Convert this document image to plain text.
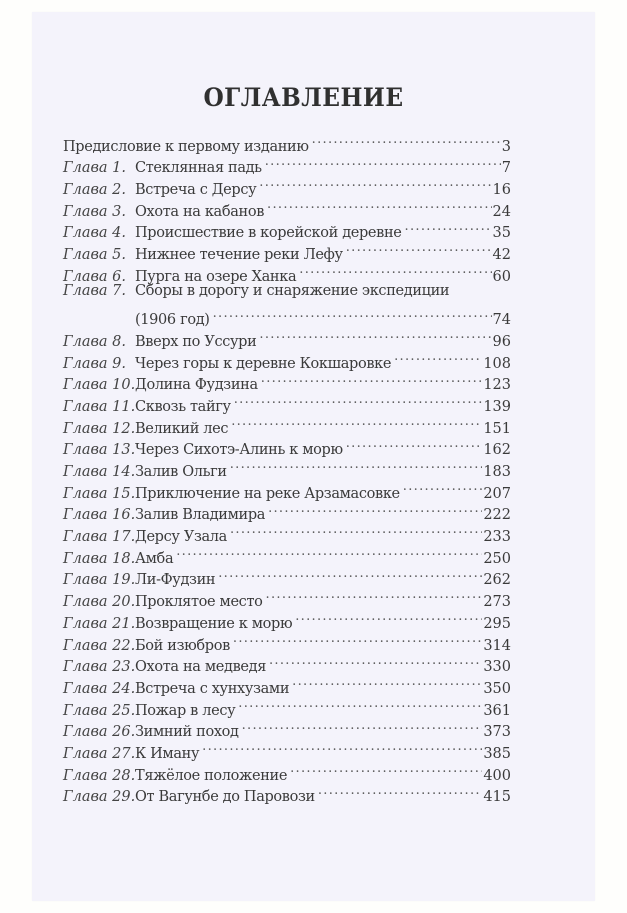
ОГЛАВЛЕНИЕ
Предисловие к первому изданию .....	3
Глава 1. Стеклянная падь .....	7
Глава 2. Встреча с Дерсу .....	16
Глава 3. Охота на кабанов .....	24
Глава 4. Происшествие в корейской деревне .....	35
Глава 5. Нижнее течение реки Лефу .....	42
Глава 6. Пурга на озере Ханка .....	60
Глава 7. Сборы в дорогу и снаряжение экспедиции
(1906 год) .....	74
Глава 8. Вверх по Уссури .....	96
Глава 9. Через горы к деревне Кокшаровке .....	108
Глава 10. Долина Фудзина .....	123
Глава 11. Сквозь тайгу .....	139
Глава 12. Великий лес .....	151
Глава 13. Через Сихотэ-Алинь к морю .....	162
Глава 14. Залив Ольги .....	183
Глава 15. Приключение на реке Арзамасовке .....	207
Глава 16. Залив Владимира .....	222
Глава 17. Дерсу Узала .....	233
Глава 18. Амба .....	250
Глава 19. Ли-Фудзин .....	262
Глава 20. Проклятое место .....	273
Глава 21. Возвращение к морю .....	295
Глава 22. Бой изюбров .....	314
Глава 23. Охота на медведя .....	330
Глава 24. Встреча с хунхузами .....	350
Глава 25. Пожар в лесу .....	361
Глава 26. Зимний поход .....	373
Глава 27. К Иману .....	385
Глава 28. Тяжёлое положение .....	400
Глава 29. От Вагунбе до Паровози .....	415
